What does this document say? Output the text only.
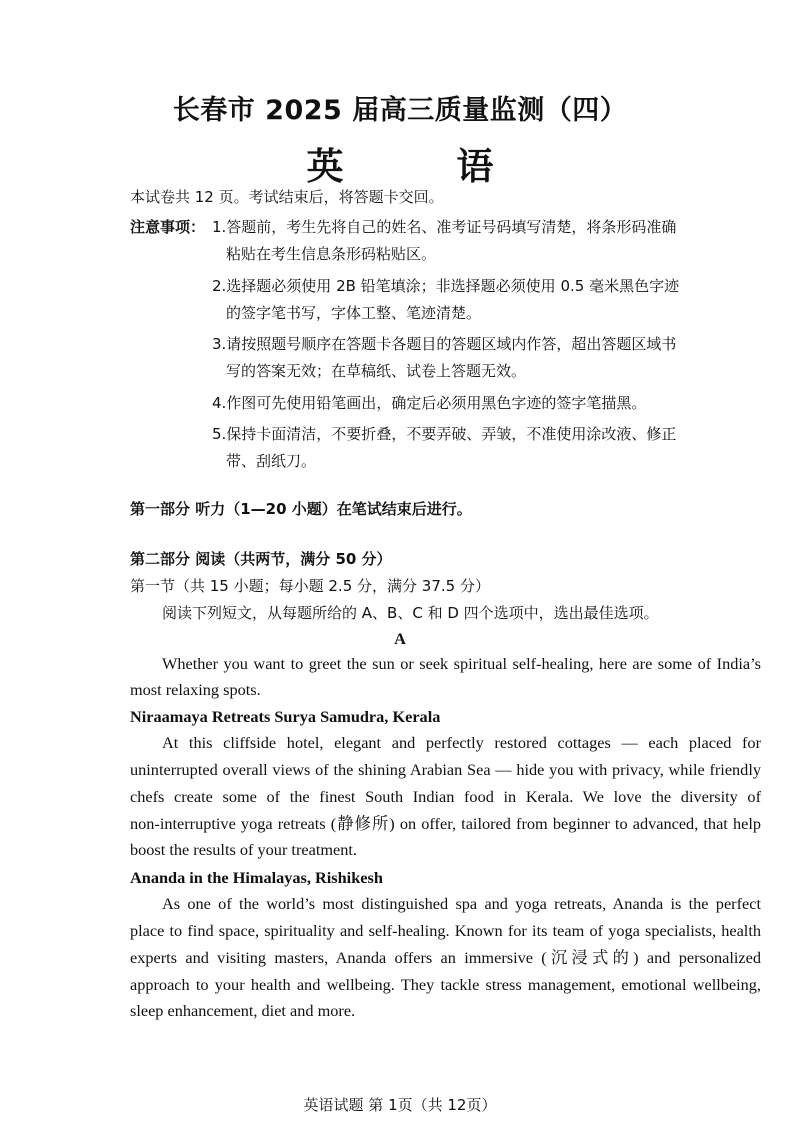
长春市 2025 届高三质量监测（四）
英 语
本试卷共 12 页。考试结束后，将答题卡交回。
注意事项： 1.答题前，考生先将自己的姓名、准考证号码填写清楚，将条形码准确
粘贴在考生信息条形码粘贴区。
2.选择题必须使用 2B 铅笔填涂；非选择题必须使用 0.5 毫米黑色字迹
的签字笔书写，字体工整、笔迹清楚。
3.请按照题号顺序在答题卡各题目的答题区域内作答，超出答题区域书
写的答案无效；在草稿纸、试卷上答题无效。
4.作图可先使用铅笔画出，确定后必须用黑色字迹的签字笔描黑。
5.保持卡面清洁，不要折叠，不要弄破、弄皱，不准使用涂改液、修正
带、刮纸刀。
第一部分 听力（1—20 小题）在笔试结束后进行。
第二部分 阅读（共两节，满分 50 分）
第一节（共 15 小题；每小题 2.5 分，满分 37.5 分）
阅读下列短文，从每题所给的 A、B、C 和 D 四个选项中，选出最佳选项。
A
Whether you want to greet the sun or seek spiritual self-healing, here are some of India’s
most relaxing spots.
Niraamaya Retreats Surya Samudra, Kerala
At this cliffside hotel, elegant and perfectly restored cottages — each placed for
uninterrupted overall views of the shining Arabian Sea — hide you with privacy, while friendly
chefs create some of the finest South Indian food in Kerala. We love the diversity of
non-interruptive yoga retreats (静修所) on offer, tailored from beginner to advanced, that help
boost the results of your treatment.
Ananda in the Himalayas, Rishikesh
As one of the world’s most distinguished spa and yoga retreats, Ananda is the perfect
place to find space, spirituality and self-healing. Known for its team of yoga specialists, health
experts and visiting masters, Ananda offers an immersive (沉浸式的) and personalized
approach to your health and wellbeing. They tackle stress management, emotional wellbeing,
sleep enhancement, diet and more.
英语试题 第 1页（共 12页）
